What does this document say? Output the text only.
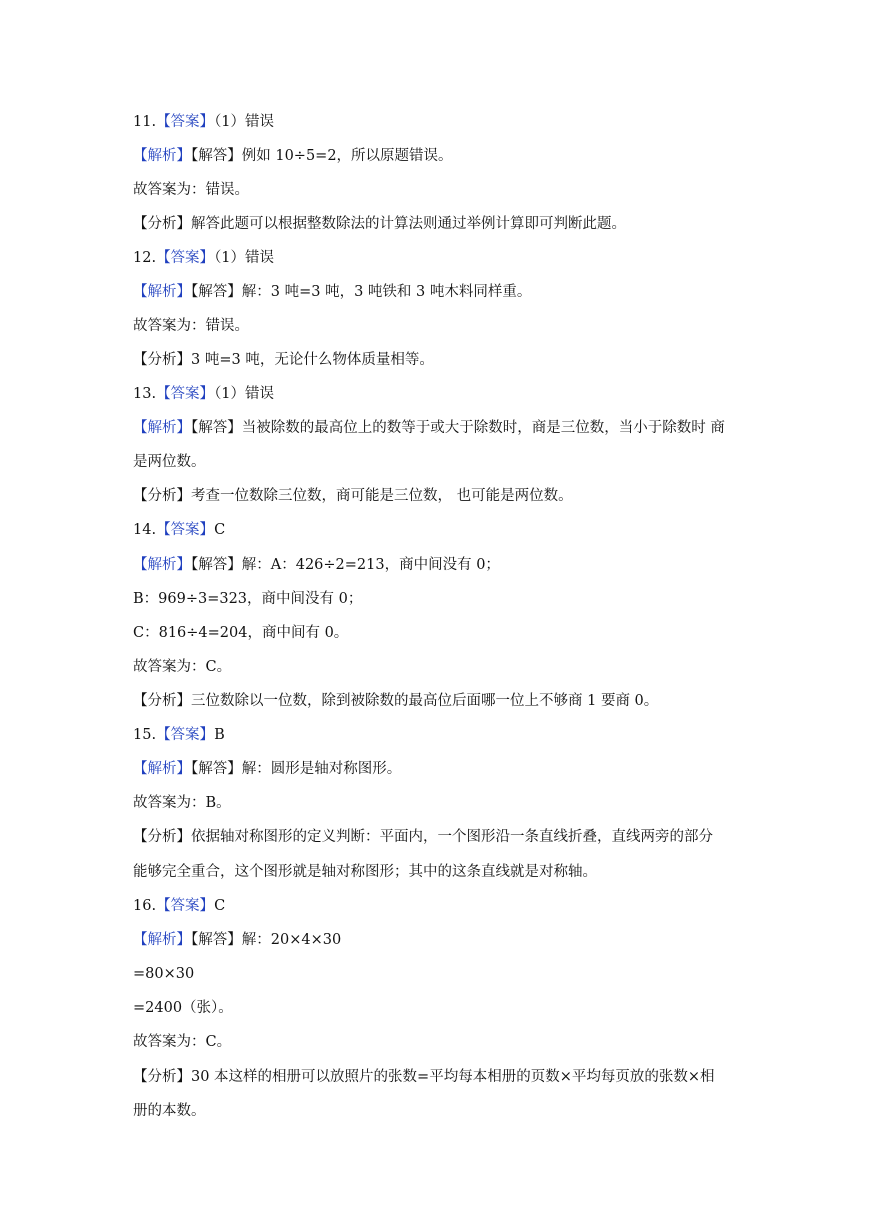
11.【答案】（1）错误
【解析】【解答】例如 10÷5=2，所以原题错误。
故答案为：错误。
【分析】解答此题可以根据整数除法的计算法则通过举例计算即可判断此题。
12.【答案】（1）错误
【解析】【解答】解：3 吨=3 吨，3 吨铁和 3 吨木料同样重。
故答案为：错误。
【分析】3 吨=3 吨，无论什么物体质量相等。
13.【答案】（1）错误
【解析】【解答】当被除数的最高位上的数等于或大于除数时，商是三位数，当小于除数时 商
是两位数。
【分析】考查一位数除三位数，商可能是三位数， 也可能是两位数。
14.【答案】C
【解析】【解答】解：A：426÷2=213，商中间没有 0；
B：969÷3=323，商中间没有 0；
C：816÷4=204，商中间有 0。
故答案为：C。
【分析】三位数除以一位数，除到被除数的最高位后面哪一位上不够商 1 要商 0。
15.【答案】B
【解析】【解答】解：圆形是轴对称图形。
故答案为：B。
【分析】依据轴对称图形的定义判断：平面内，一个图形沿一条直线折叠，直线两旁的部分
能够完全重合，这个图形就是轴对称图形；其中的这条直线就是对称轴。
16.【答案】C
【解析】【解答】解：20×4×30
=80×30
=2400（张）。
故答案为：C。
【分析】30 本这样的相册可以放照片的张数=平均每本相册的页数×平均每页放的张数×相
册的本数。
